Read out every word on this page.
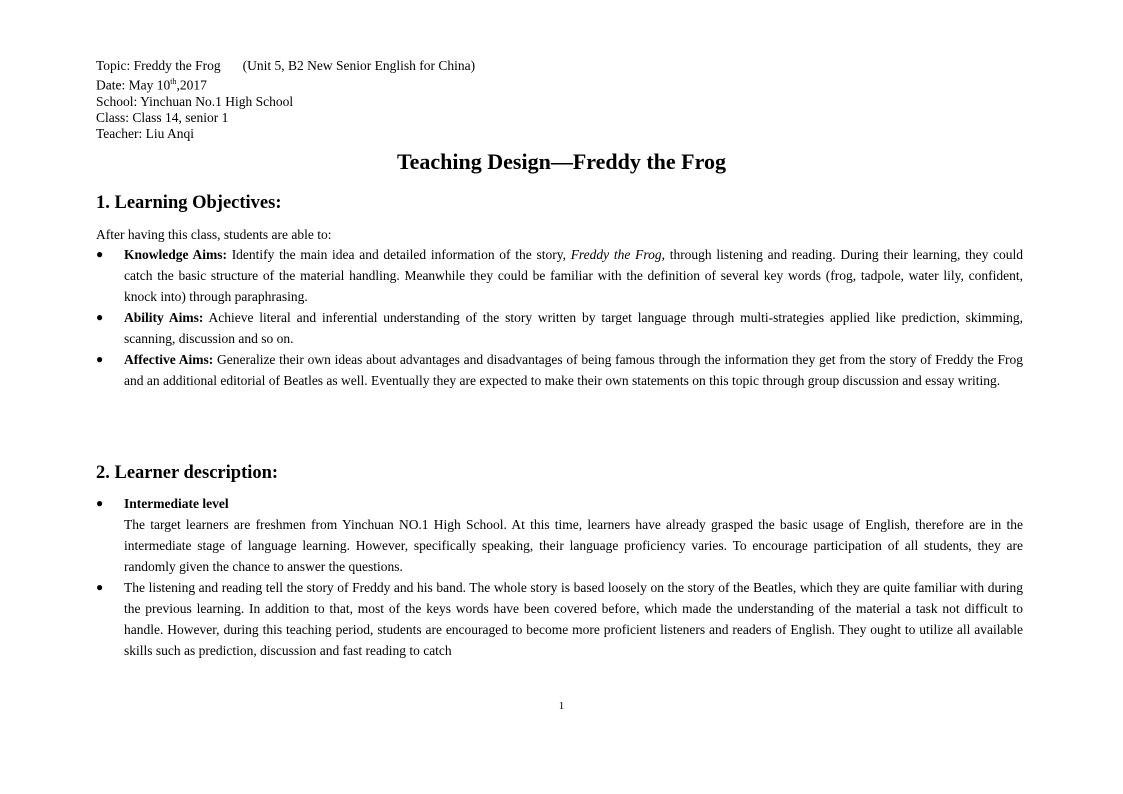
Topic: Freddy the Frog (Unit 5, B2 New Senior English for China)
Date: May 10th,2017
School: Yinchuan No.1 High School
Class: Class 14, senior 1
Teacher: Liu Anqi
Teaching Design—Freddy the Frog
1. Learning Objectives:
After having this class, students are able to:
●	Knowledge Aims: Identify the main idea and detailed information of the story, Freddy the Frog, through listening and reading. During their learning, they could catch the basic structure of the material handling. Meanwhile they could be familiar with the definition of several key words (frog, tadpole, water lily, confident, knock into) through paraphrasing.
●	Ability Aims: Achieve literal and inferential understanding of the story written by target language through multi-strategies applied like prediction, skimming, scanning, discussion and so on.
●	Affective Aims: Generalize their own ideas about advantages and disadvantages of being famous through the information they get from the story of Freddy the Frog and an additional editorial of Beatles as well. Eventually they are expected to make their own statements on this topic through group discussion and essay writing.
2. Learner description:
●	Intermediate level
The target learners are freshmen from Yinchuan NO.1 High School. At this time, learners have already grasped the basic usage of English, therefore are in the intermediate stage of language learning. However, specifically speaking, their language proficiency varies. To encourage participation of all students, they are randomly given the chance to answer the questions.
●	The listening and reading tell the story of Freddy and his band. The whole story is based loosely on the story of the Beatles, which they are quite familiar with during the previous learning. In addition to that, most of the keys words have been covered before, which made the understanding of the material a task not difficult to handle. However, during this teaching period, students are encouraged to become more proficient listeners and readers of English. They ought to utilize all available skills such as prediction, discussion and fast reading to catch
1
